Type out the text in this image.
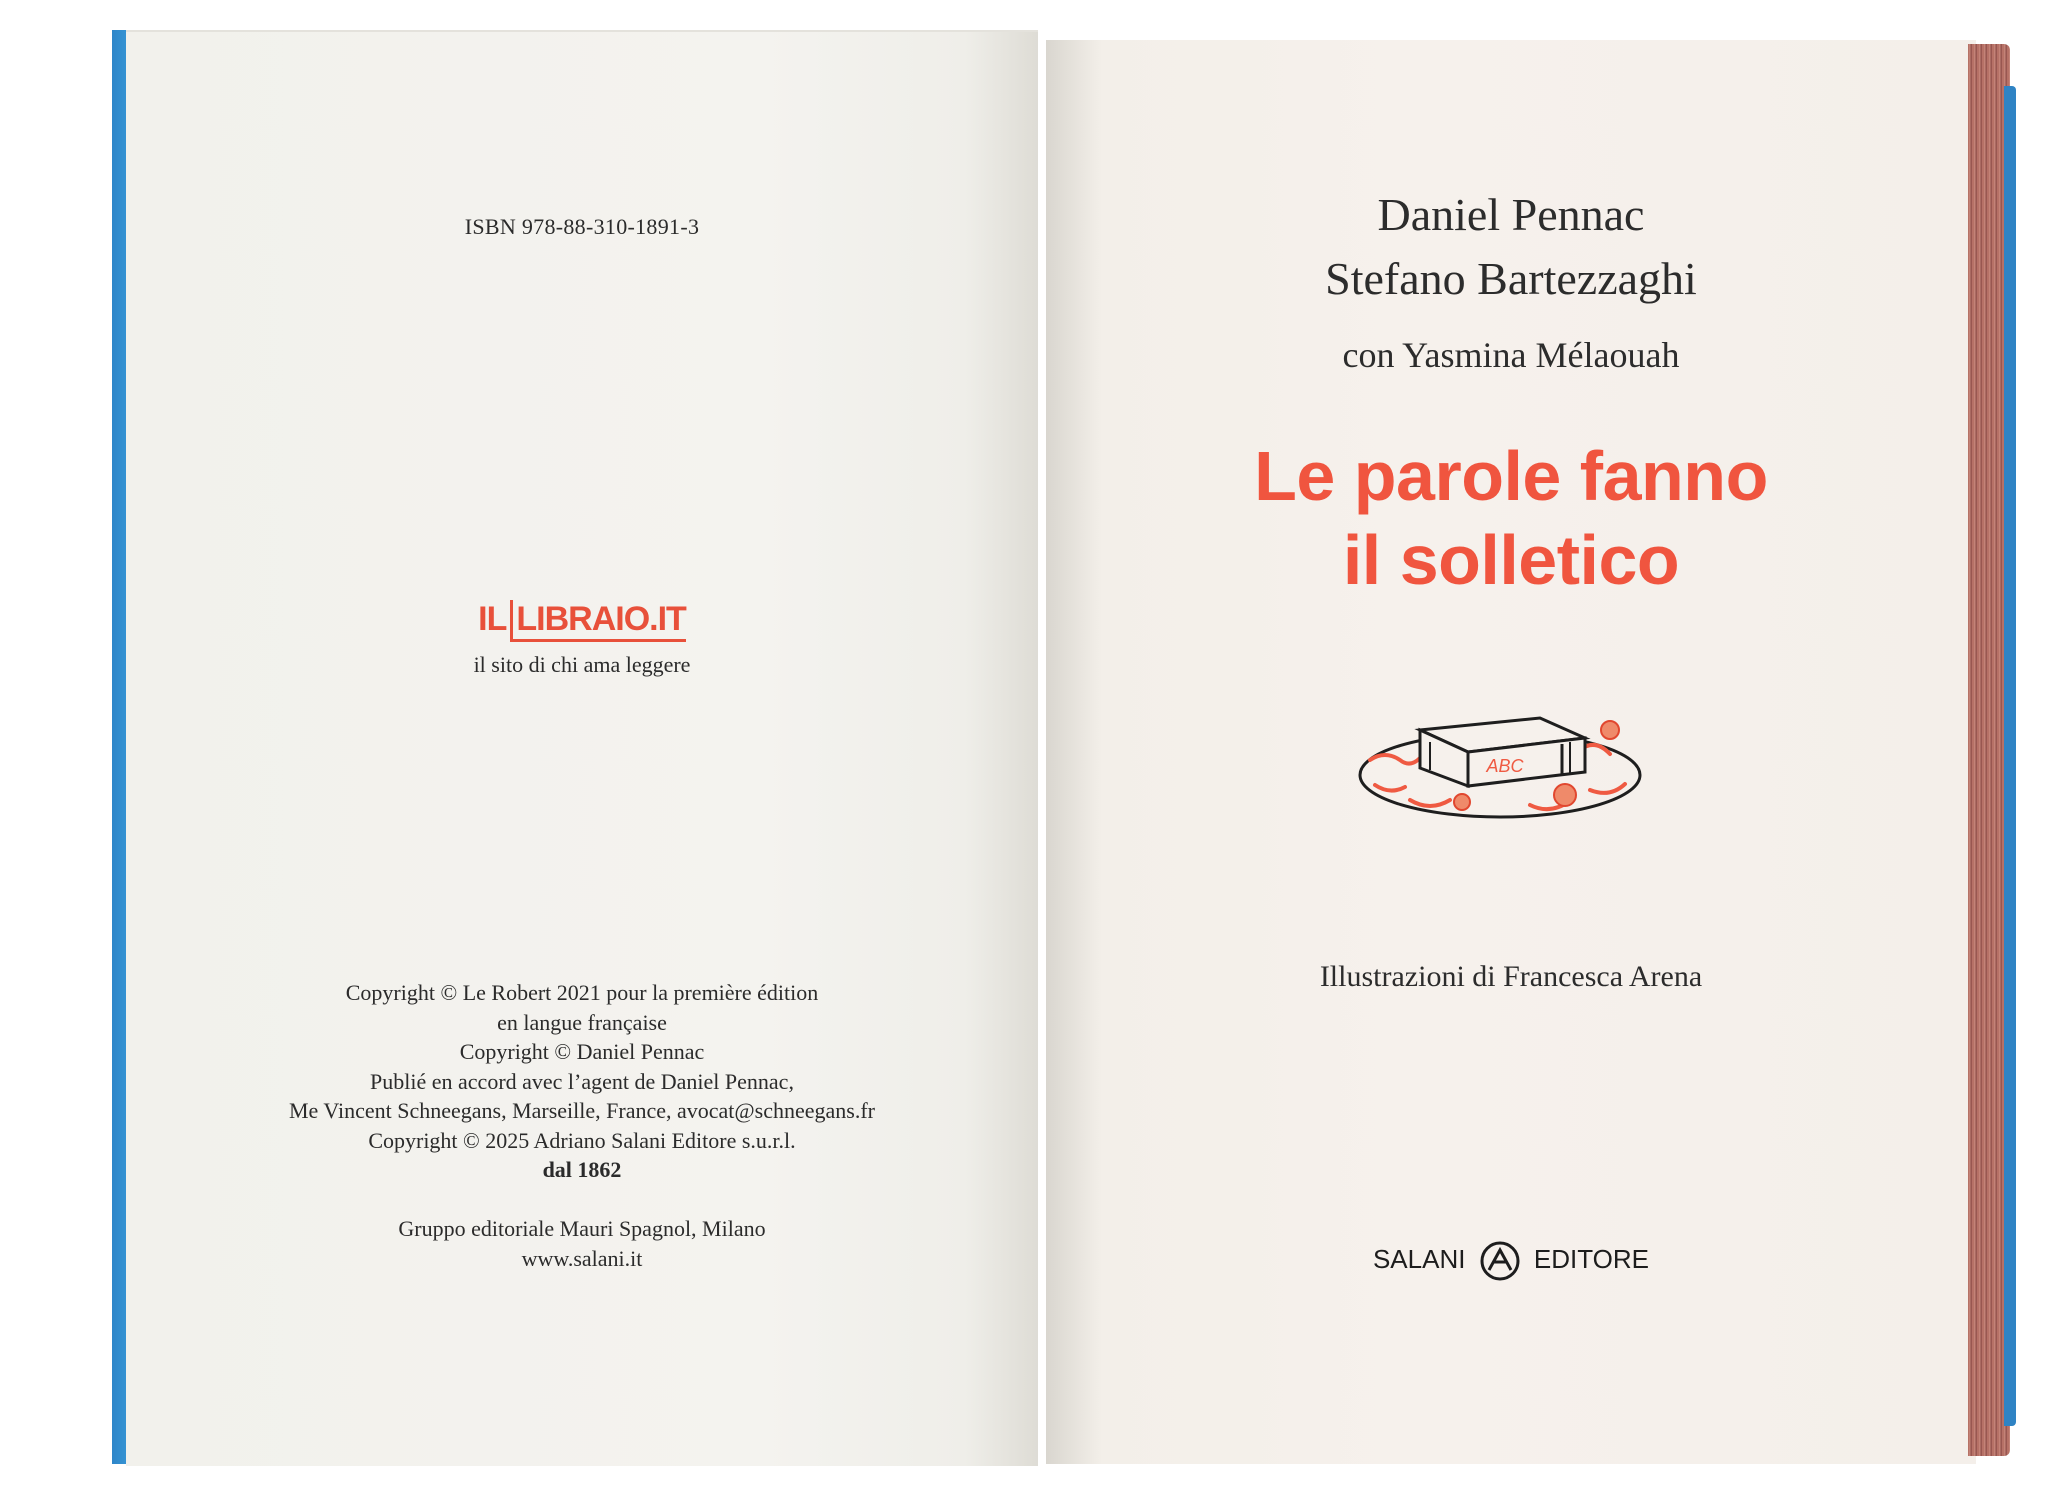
ISBN 978-88-310-1891-3
IL LIBRAIO.IT
il sito di chi ama leggere
Copyright © Le Robert 2021 pour la première édition
en langue française
Copyright © Daniel Pennac
Publié en accord avec l’agent de Daniel Pennac,
Me Vincent Schneegans, Marseille, France, avocat@schneegans.fr
Copyright © 2025 Adriano Salani Editore s.u.r.l.
dal 1862
Gruppo editoriale Mauri Spagnol, Milano
www.salani.it
Daniel Pennac
Stefano Bartezzaghi
con Yasmina Mélaouah
Le parole fanno
il solletico
ABC
Illustrazioni di Francesca Arena
SALANI	EDITORE
